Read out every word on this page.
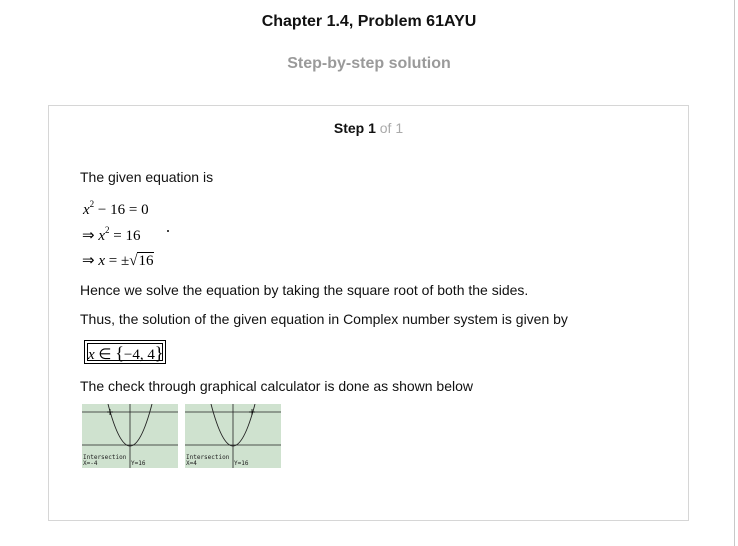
Chapter 1.4, Problem 61AYU
Step-by-step solution
Step 1 of 1
The given equation is
$x^2 - 16 = 0$
⇒ $x^2 = 16$
⇒ x = ±√16
Hence we solve the equation by taking the square root of both the sides.
Thus, the solution of the given equation in Complex number system is given by
x ∈ {−4, 4}
The check through graphical calculator is done as shown below
Intersection
X=-4	Y=16
Intersection
X=4	Y=16
